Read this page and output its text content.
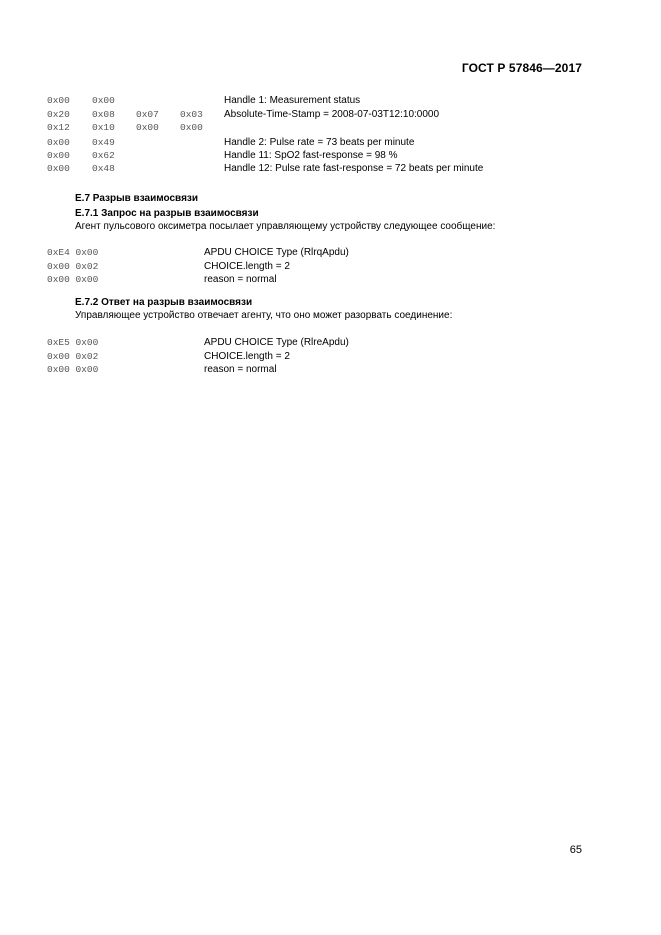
ГОСТ Р 57846—2017
0x00 0x00	Handle 1: Measurement status
0x20 0x08 0x07 0x03 Absolute-Time-Stamp = 2008-07-03T12:10:0000
0x12 0x10 0x00 0x00
0x00 0x49	Handle 2: Pulse rate = 73 beats per minute
0x00 0x62	Handle 11: SpO2 fast-response = 98 %
0x00 0x48	Handle 12: Pulse rate fast-response = 72 beats per minute
Е.7 Разрыв взаимосвязи
Е.7.1 Запрос на разрыв взаимосвязи
Агент пульсового оксиметра посылает управляющему устройству следующее сообщение:
0xE4 0x00	APDU CHOICE Type (RlrqApdu)
0x00 0x02	CHOICE.length = 2
0x00 0x00	reason = normal
Е.7.2 Ответ на разрыв взаимосвязи
Управляющее устройство отвечает агенту, что оно может разорвать соединение:
0xE5 0x00	APDU CHOICE Type (RlreApdu)
0x00 0x02	CHOICE.length = 2
0x00 0x00	reason = normal
65
